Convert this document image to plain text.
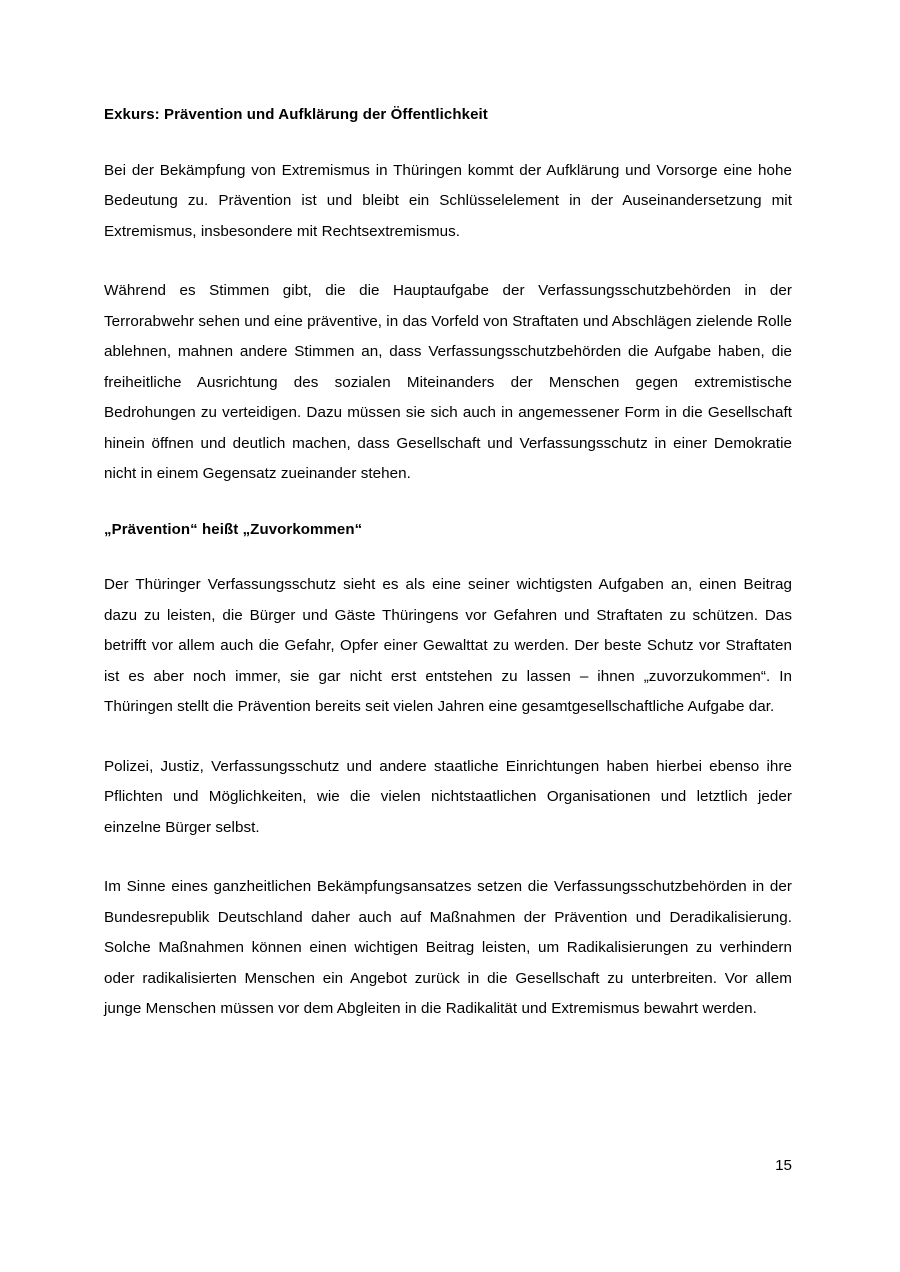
Exkurs: Prävention und Aufklärung der Öffentlichkeit

Bei der Bekämpfung von Extremismus in Thüringen kommt der Aufklärung und Vorsorge eine hohe Bedeutung zu. Prävention ist und bleibt ein Schlüsselelement in der Auseinandersetzung mit Extremismus, insbesondere mit Rechtsextremismus.

Während es Stimmen gibt, die die Hauptaufgabe der Verfassungsschutzbehörden in der Terrorabwehr sehen und eine präventive, in das Vorfeld von Straftaten und Abschlägen zielende Rolle ablehnen, mahnen andere Stimmen an, dass Verfassungsschutzbehörden die Aufgabe haben, die freiheitliche Ausrichtung des sozialen Miteinanders der Menschen gegen extremistische Bedrohungen zu verteidigen. Dazu müssen sie sich auch in angemessener Form in die Gesellschaft hinein öffnen und deutlich machen, dass Gesellschaft und Verfassungsschutz in einer Demokratie nicht in einem Gegensatz zueinander stehen.

„Prävention“ heißt „Zuvorkommen“

Der Thüringer Verfassungsschutz sieht es als eine seiner wichtigsten Aufgaben an, einen Beitrag dazu zu leisten, die Bürger und Gäste Thüringens vor Gefahren und Straftaten zu schützen. Das betrifft vor allem auch die Gefahr, Opfer einer Gewalttat zu werden. Der beste Schutz vor Straftaten ist es aber noch immer, sie gar nicht erst entstehen zu lassen – ihnen „zuvorzukommen“. In Thüringen stellt die Prävention bereits seit vielen Jahren eine gesamtgesellschaftliche Aufgabe dar.

Polizei, Justiz, Verfassungsschutz und andere staatliche Einrichtungen haben hierbei ebenso ihre Pflichten und Möglichkeiten, wie die vielen nichtstaatlichen Organisationen und letztlich jeder einzelne Bürger selbst.

Im Sinne eines ganzheitlichen Bekämpfungsansatzes setzen die Verfassungsschutzbehörden in der Bundesrepublik Deutschland daher auch auf Maßnahmen der Prävention und Deradikalisierung. Solche Maßnahmen können einen wichtigen Beitrag leisten, um Radikalisierungen zu verhindern oder radikalisierten Menschen ein Angebot zurück in die Gesellschaft zu unterbreiten. Vor allem junge Menschen müssen vor dem Abgleiten in die Radikalität und Extremismus bewahrt werden.

15
